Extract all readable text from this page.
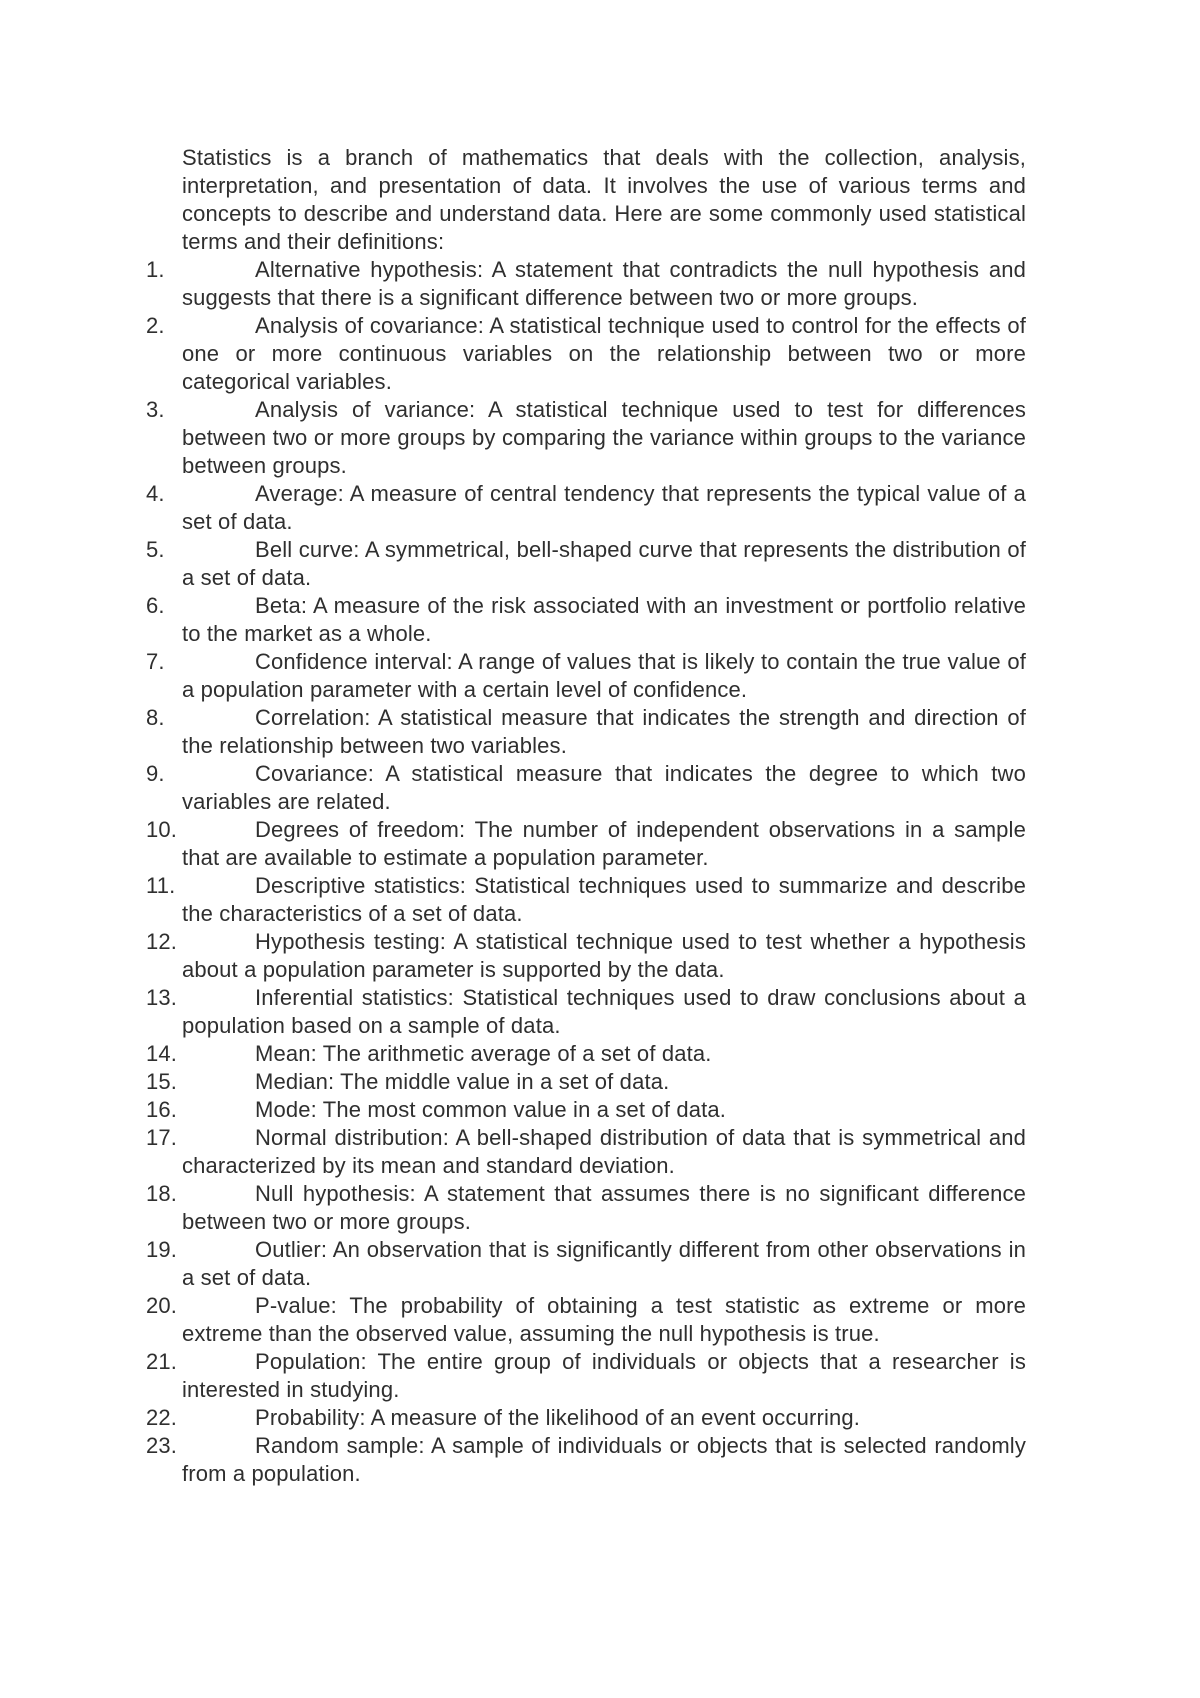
Statistics is a branch of mathematics that deals with the collection, analysis, interpretation, and presentation of data. It involves the use of various terms and concepts to describe and understand data. Here are some commonly used statistical terms and their definitions:

1.	Alternative hypothesis: A statement that contradicts the null hypothesis and suggests that there is a significant difference between two or more groups.
2.	Analysis of covariance: A statistical technique used to control for the effects of one or more continuous variables on the relationship between two or more categorical variables.
3.	Analysis of variance: A statistical technique used to test for differences between two or more groups by comparing the variance within groups to the variance between groups.
4.	Average: A measure of central tendency that represents the typical value of a set of data.
5.	Bell curve: A symmetrical, bell-shaped curve that represents the distribution of a set of data.
6.	Beta: A measure of the risk associated with an investment or portfolio relative to the market as a whole.
7.	Confidence interval: A range of values that is likely to contain the true value of a population parameter with a certain level of confidence.
8.	Correlation: A statistical measure that indicates the strength and direction of the relationship between two variables.
9.	Covariance: A statistical measure that indicates the degree to which two variables are related.
10.	Degrees of freedom: The number of independent observations in a sample that are available to estimate a population parameter.
11.	Descriptive statistics: Statistical techniques used to summarize and describe the characteristics of a set of data.
12.	Hypothesis testing: A statistical technique used to test whether a hypothesis about a population parameter is supported by the data.
13.	Inferential statistics: Statistical techniques used to draw conclusions about a population based on a sample of data.
14.	Mean: The arithmetic average of a set of data.
15.	Median: The middle value in a set of data.
16.	Mode: The most common value in a set of data.
17.	Normal distribution: A bell-shaped distribution of data that is symmetrical and characterized by its mean and standard deviation.
18.	Null hypothesis: A statement that assumes there is no significant difference between two or more groups.
19.	Outlier: An observation that is significantly different from other observations in a set of data.
20.	P-value: The probability of obtaining a test statistic as extreme or more extreme than the observed value, assuming the null hypothesis is true.
21.	Population: The entire group of individuals or objects that a researcher is interested in studying.
22.	Probability: A measure of the likelihood of an event occurring.
23.	Random sample: A sample of individuals or objects that is selected randomly from a population.
